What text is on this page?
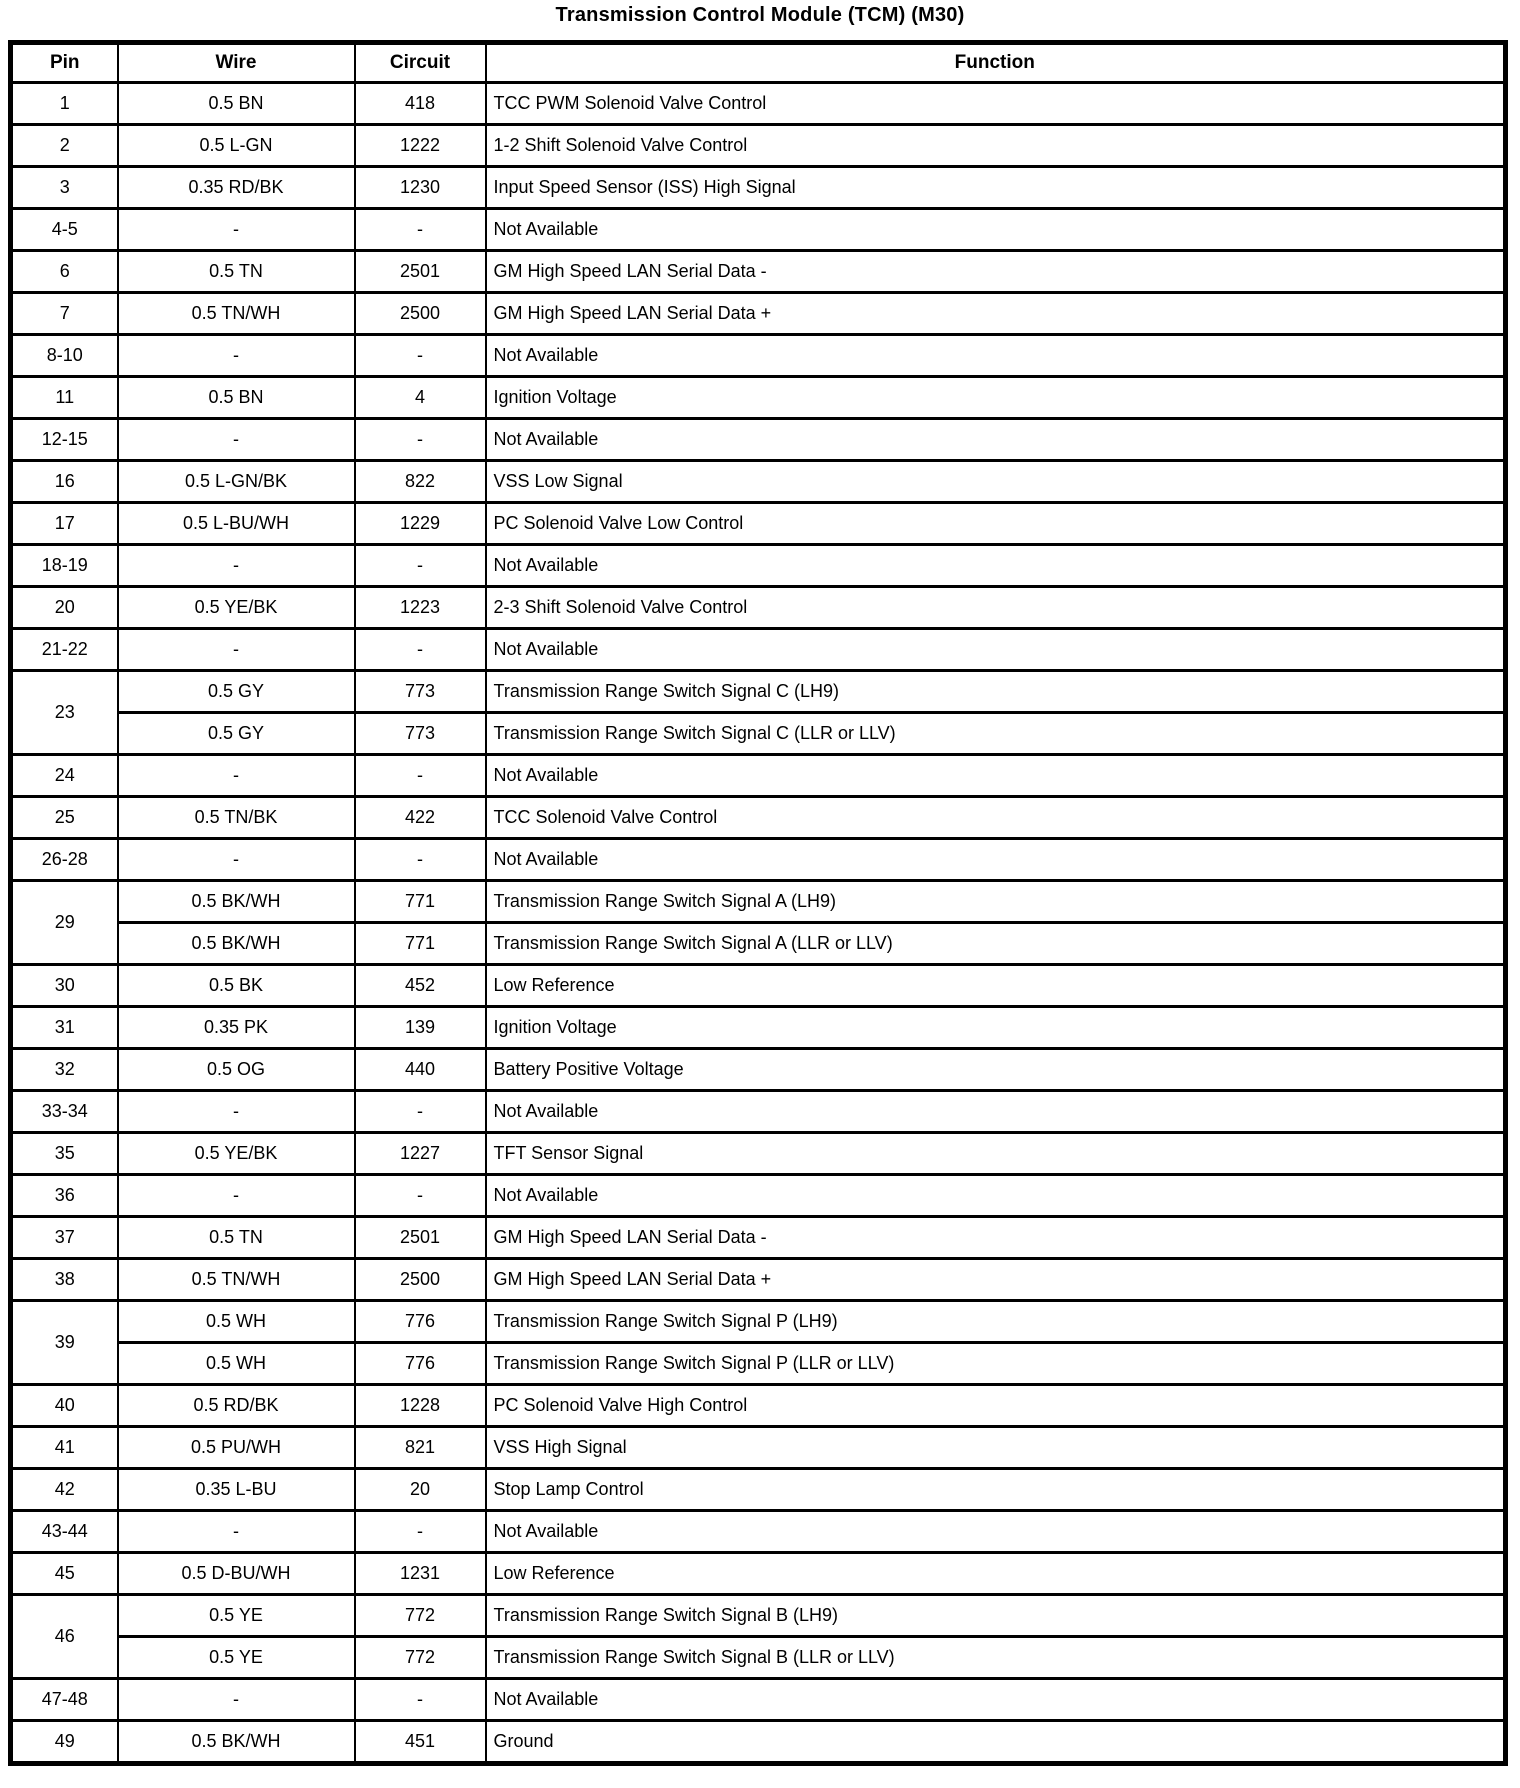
Transmission Control Module (TCM) (M30)
Pin	Wire	Circuit	Function
1	0.5 BN	418	TCC PWM Solenoid Valve Control
2	0.5 L-GN	1222	1-2 Shift Solenoid Valve Control
3	0.35 RD/BK	1230	Input Speed Sensor (ISS) High Signal
4-5	-	-	Not Available
6	0.5 TN	2501	GM High Speed LAN Serial Data -
7	0.5 TN/WH	2500	GM High Speed LAN Serial Data +
8-10	-	-	Not Available
11	0.5 BN	4	Ignition Voltage
12-15	-	-	Not Available
16	0.5 L-GN/BK	822	VSS Low Signal
17	0.5 L-BU/WH	1229	PC Solenoid Valve Low Control
18-19	-	-	Not Available
20	0.5 YE/BK	1223	2-3 Shift Solenoid Valve Control
21-22	-	-	Not Available
23	0.5 GY	773	Transmission Range Switch Signal C (LH9)
	0.5 GY	773	Transmission Range Switch Signal C (LLR or LLV)
24	-	-	Not Available
25	0.5 TN/BK	422	TCC Solenoid Valve Control
26-28	-	-	Not Available
29	0.5 BK/WH	771	Transmission Range Switch Signal A (LH9)
	0.5 BK/WH	771	Transmission Range Switch Signal A (LLR or LLV)
30	0.5 BK	452	Low Reference
31	0.35 PK	139	Ignition Voltage
32	0.5 OG	440	Battery Positive Voltage
33-34	-	-	Not Available
35	0.5 YE/BK	1227	TFT Sensor Signal
36	-	-	Not Available
37	0.5 TN	2501	GM High Speed LAN Serial Data -
38	0.5 TN/WH	2500	GM High Speed LAN Serial Data +
39	0.5 WH	776	Transmission Range Switch Signal P (LH9)
	0.5 WH	776	Transmission Range Switch Signal P (LLR or LLV)
40	0.5 RD/BK	1228	PC Solenoid Valve High Control
41	0.5 PU/WH	821	VSS High Signal
42	0.35 L-BU	20	Stop Lamp Control
43-44	-	-	Not Available
45	0.5 D-BU/WH	1231	Low Reference
46	0.5 YE	772	Transmission Range Switch Signal B (LH9)
	0.5 YE	772	Transmission Range Switch Signal B (LLR or LLV)
47-48	-	-	Not Available
49	0.5 BK/WH	451	Ground
